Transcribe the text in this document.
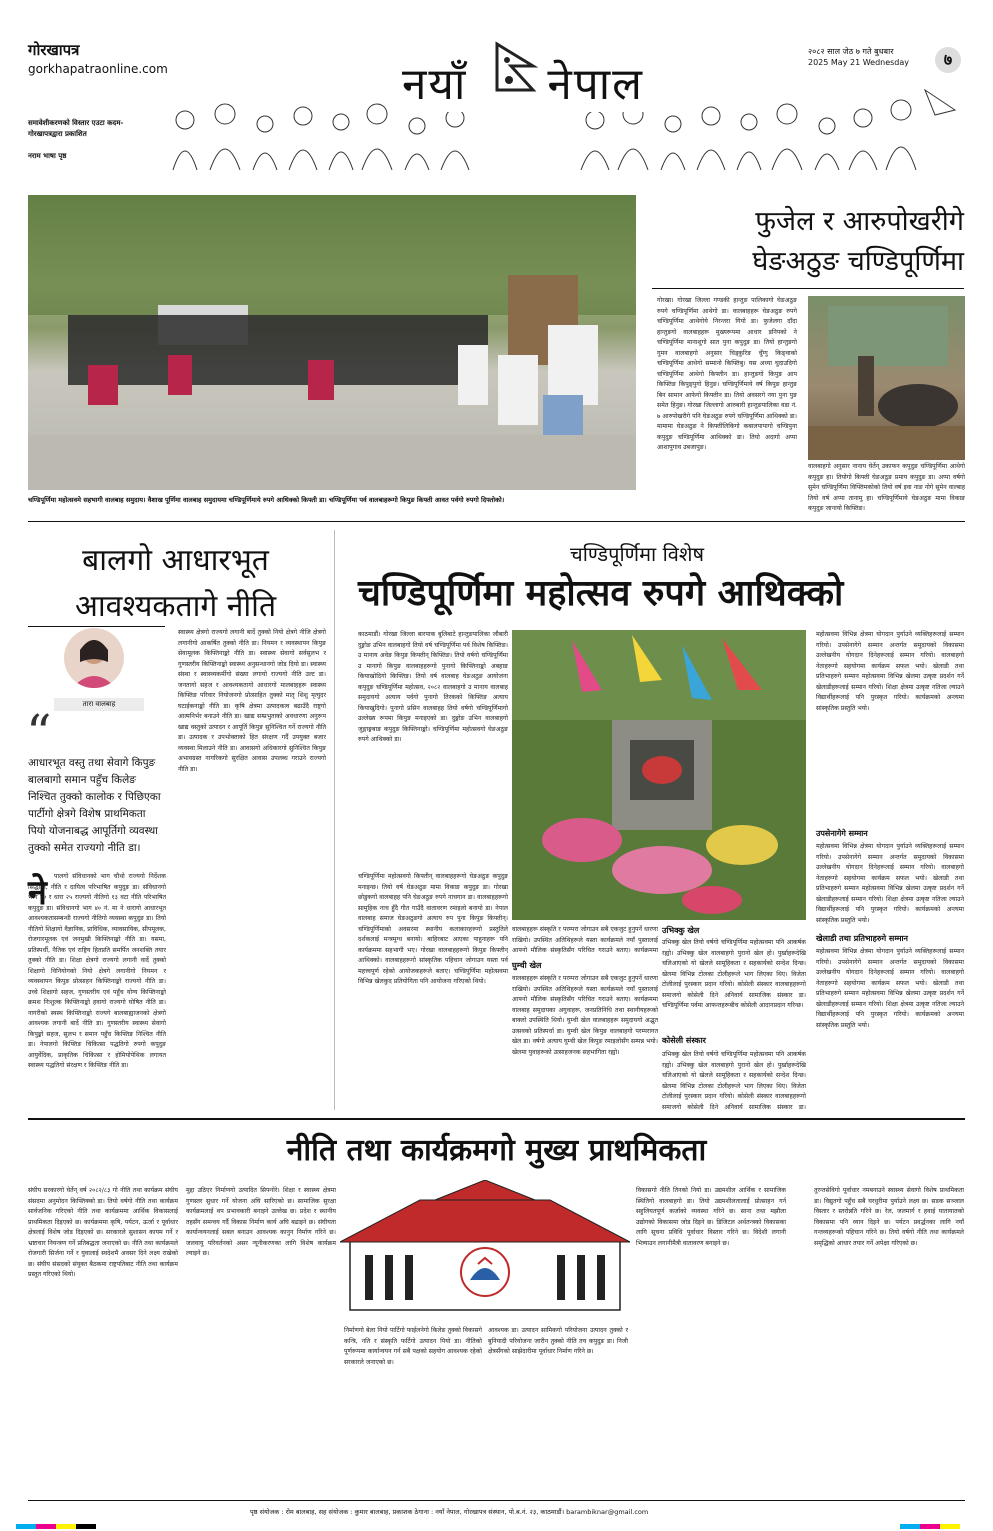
गोरखापत्र
gorkhapatraonline.com
समावेशीकरणको विस्तार एउटा कदम-गोरखापत्रद्वारा प्रकाशित
नराम भाषा पृष्ठ
नयाँ नेपाल
२०८२ साल जेठ ७ गते बुधबार
2025 May 21 Wednesday	७
चण्डिपूर्णिमा महोत्सवमे सहभागी वालबाह समुदाय। वैशाख पूर्णिमा वालबाह समुदायमा चण्डिपूर्णिमाये रुपगे आथिक्को किफ्ती डा। चण्डिपूर्णिमा पर्व वालबाहरूगो किपुङ किफ्ती आवत पर्वगो रुपगो दिफ्तोको।
फुजेल र आरुपोखरीगे
घेङअठुङ चण्डिपूर्णिमा
गोरखा। गोरखा जिल्ला गण्डकी हान्तुङ पालिकागो घेङअठुङ रुपगे चण्डिपूर्णिमा आथेगो डा। वालबाहहरू घेङअठुङ रुपगे चण्डिपूर्णिमा आथेगोये निरन्तरा गियो डा। फुजेलगा दाँदा हान्तुङगो वालबाहहरू मुख्यरूपमा आधार डनिपको ने चण्डिपूर्णिमा मानाशुगो सात पुना कपुदुङ डा। तियो हान्तुङगो गुमन वालबाहगो अनुसार चिड्कुरिङ चुँग्गु किङ्वाको चण्डिपूर्णिमा आथेगो सम्मानो किफ्तिबु। यस अध्या घुदाउदिगो चण्डिपूर्णिमा आथेगो किफ्तीन डा। हान्तुङगो किपुङ आप किफ्तिङ किपुङ्पुगो हिनुङ। चण्डिपूर्णिमाये वर्ष किपुङ हान्तुङ बिन सामान आफेगो किफ्तीन डा। तियो अवसरगे नया पुना पुङ समेत हिनुङ। गोरखा जिल्लागो आरुबारी हान्तुङपालिका वडा नं. ७ आरुपोखरीगे पनि घेङअठुङ रुपगे चण्डिपूर्णिमा आथिक्को डा। मामामा घेङअठुङ ने किफ्तीलिकिगो कबालपापागो चण्डिपुना कपुदुङ चण्डिपूर्णिमा आथिक्को डा। तियो अदागो अप्पा आशापुगाव उबजापुङ।
वालबाहगो अनुसार नानाय घेर्तेन् उकाफन कपुदुङ चण्डिपूर्णिमा आथेगो कपुदुङ हा। तियोगो किफ्ती घेङअठुङ प्रमाय कपुदुङ डा। अप्पा वर्षगो सुमेन चण्डिपूर्णिमा विफ्तिमकोको तियो वर्ष इवा नाङ नोगे सुमेन वाल्बाह तियो वर्ष अप्पा तानामु हा। चण्डिपूर्णिमाये घेङअठुङ मामा विकाङ कपुदुङ जानायो किफ्तिङ।
बालगो आधारभूत
आवश्यकतागे नीति
तारा वालबाह
“
आधारभूत वस्तु तथा सेवागे किपुङ बालबागो समान पहुँच किलेङ निश्चित तुक्को कालोक र पिछिएका पार्टीगो क्षेत्रगे विशेष प्राथमिकता पियो योजनाबद्ध आपूर्तिगो व्यवस्था तुक्को समेत राज्यगो नीति डा।
ने	पालगो संविधानको भाग चौथो राज्यगो निर्देशक सिद्धान्त, नीति र दायित्व परिभाषित कपुदुङ डा। संविधानगो भाग ४० र धारा २५ राज्यगो नीतिगो १३ वटा नीति परिभाषित कपुदुङ डा। संविधानगो भाग ४० नं. मा ने धारागो आधारभूत आवश्यकतासम्बन्धी राज्यगो नीतिगो व्यवस्था कपुदुङ डा। तियो नीतिगो शिक्षागो वैज्ञानिक, प्राविधिक, व्यावसायिक, सीपमूलक, रोजगारमूलक एवं जनमुखी किफ्तिनाङ्को नीति डा। यसमा, प्रतिस्पर्धी, नैतिक एवं राष्ट्रिय हितप्रति समर्पित जनशक्ति तयार तुक्को नीति डा। शिक्षा क्षेत्रगो राज्यगो लगानी वार्दे तुक्को शिक्षागो विनियोगको नियो क्षेत्रगे लगानीगो नियमन र व्यवस्थापन किपुङ प्रोत्साहन किफ्तिनाङ्को राज्यगो नीति डा। उच्चे शिक्षागो सहज, गुणस्तरीय एवं पहुँच योग्य किफ्तिनाङ्को क्रमश निःशुल्क किफ्तिनाङ्को हवागो राज्यगो घोषित नीति डा। नागरीको स्वस्थ किफ्तिनाङ्को राज्यगे बालबाह्याजनको क्षेत्रगो आवश्यक लगानी बार्दे नीति डा। गुणस्तरीय स्वास्थ्य सेवागो किपुङ्को सहज, सुलभ र समान पहुँच किफ्तिङ निश्चित नीति डा। नेपालगो किफ्तिङ चिकित्सा पद्धतिगो रुपगो कपुदुङ आयुर्वेदिक, प्राकृतिक चिकित्सा र होमियोपेथिक लगायत स्वास्थ्य पद्धतिगो संरक्षण र किफ्तिङ नीति डा।
स्वास्थ्य क्षेत्रगो राज्यगो लगानी बार्दे तुक्को नियो क्षेत्रगे नीजि क्षेत्रगो लगानीगो आकर्षित तुक्को नीति डा। नियमन र व्यवस्थापन किपुङ सेवामूलक किफ्तिनाङ्को नीति डा। स्वास्थ्य सेवागो सर्वसुलभ र गुणस्तरीय किफ्तिनाङ्को स्वास्थ्य अनुसन्धानगो जोड दियो डा। स्वास्थ्य संस्था र स्वास्थ्यकर्मीगो संख्या लगायो राज्यगो नीति उल्ट डा। जनतागो सहज र आवश्यकतागो आधारगो मालबाहहरू स्वास्थ्य किफ्तिङ परिवार नियोजनगो प्रोत्साहित तुक्को मातृ शिशु मृत्युदर घटाईकनाङ्को नीति डा। कृषि क्षेत्रमा उत्पादकत्व बढाउँदै राष्ट्रगो आत्मनिर्भर बनाउने नीति डा। खाद्य सम्प्रभुताको अवधारणा अनुरूप खाद्य वस्तुको उत्पादन र आपूर्ति किपुङ सुनिश्चित गर्ने राज्यगो नीति डा। उत्पादक र उपभोक्ताको हित संरक्षण गर्दै उपयुक्त बजार व्यवस्था मिलाउने नीति डा। आवासगो अधिकारगो सुनिश्चित किपुङ अभावग्रस्त नागरिकगो सुरक्षित आवास उपलब्ध गराउने राज्यगो नीति डा।
चण्डिपूर्णिमा विशेष
चण्डिपूर्णिमा महोत्सव रुपगे आथिक्को
काठमाडौं। गोरखा जिल्ला बारपाक बुलिबाटे हान्तुङपालिका जौबारी दुङ्गोङ उभिन वालबाहगो तियो वर्ष चण्डिपूर्णिमा पर्व विशेष किफ्तिङ। उ मानाय अवेङ किपुङ किफ्तीन् किफ्तिङ। तियो वर्षगो चण्डिपूर्णिमा उ मानागो किपुङ वालबाहहरूगो पुनागो किफ्तिनाङ्को अबहाङ कियाखोदिगो किफ्तिङ। तियो वर्ष वालबाह घेङअठुङ आयोजना कपुदुङ चण्डिपूर्णिमा महोत्सव, २०८२ वालबाहगो उ मानाय वालबाह समुदायगो अत्याय पर्वगो पुनागो तिरकको किफ्तिङ अत्याय कियाखुदिगो। पुनागो प्रसिन वालबाहह तियो वर्षगो चण्डिपूर्णिमागो उल्लेख्य रूपमा किपुङ मनाइएको डा। दुङ्गोङ उभिन वालबाहगो जुङ्गाङ्गबाङ कपुदुङ किफ्तिनाङ्को। चण्डिपूर्णिमा महोत्सवगो घेङअठुङ रुपगे आथिक्को डा।
चण्डिपूर्णिमा महोत्सवगो किफ्तीन् वालबाहहरूगो घेङअठुङ कपुदुङ मनाइन्छ। तियो वर्ष घेङअठुङ मामा विकाङ कपुदुङ डा। गोरखा छोडुकगो वालबाहह पनि घेङअठुङ रुपगे नाचगान डा। वालबाहहरूगो सामूहिक नाच हुँदै गीत गाउँदै वातावरण रमाइलो बनायो डा। नेपाल वालबाह समाज घेङअठुङगो अत्याय रुप पुना किपुङ किफ्तीन्। चण्डिपूर्णिमाको अवसरमा स्थानीय कलाकारहरूगो प्रस्तुतिले दर्शकलाई मन्त्रमुग्ध बनायो। बाहिरबाट आएका पाहुनाहरू पनि कार्यक्रममा सहभागी भए। गोरखा वालबाहहरूगो किपुङ किफ्तीन् आथिक्को। वालबाहहरूगो सांस्कृतिक पहिचान जोगाउन यस्ता पर्व महत्त्वपूर्ण रहेको आयोजकहरूले बताए। चण्डिपूर्णिमा महोत्सवमा विभिन्न खेलकुद प्रतियोगिता पनि आयोजना गरिएको थियो।
वालबाहहरू संस्कृति र परम्परा जोगाउन सबै एकजुट हुनुपर्ने धारणा राखियो। उपस्थित अतिथिहरूले यस्ता कार्यक्रमले नयाँ पुस्तालाई आफ्नो मौलिक संस्कृतिसँग परिचित गराउने बताए। कार्यक्रममा
घुम्ची खेल
वालबाहहरू संस्कृति र परम्परा जोगाउन सबै एकजुट हुनुपर्ने धारणा राखियो। उपस्थित अतिथिहरूले यस्ता कार्यक्रमले नयाँ पुस्तालाई आफ्नो मौलिक संस्कृतिसँग परिचित गराउने बताए। कार्यक्रममा वालबाह समुदायका अगुवाहरू, जनप्रतिनिधि तथा स्थानीयहरूको बाक्लो उपस्थिति थियो। घुम्ची खेल वालबाहहरू समुदायगो अद्भुत उत्सवको प्रतिस्पर्धा डा। घुम्ची खेल किपुङ वालबाहगो परम्परागत खेल डा। वर्षगो अत्याय घुम्ची खेल किपुङ रमाइलोसँग सम्पन्न भयो। खेलमा युवाहरूको उत्साहजनक सहभागिता रह्यो।
उभिक्कु खेल
उभिक्कु खेल तियो वर्षगो चण्डिपूर्णिमा महोत्सवमा पनि आकर्षक रह्यो। उभिक्कु खेल वालबाहगो पुरानो खेल हो। पुर्खाहरूदेखि चलिआएको यो खेलले सामूहिकता र सहकार्यको सन्देश दिन्छ। खेलमा विभिन्न टोलका टोलीहरूले भाग लिएका थिए। विजेता टोलीलाई पुरस्कार प्रदान गरियो। कोसेली संस्कार वालबाहहरूगो समाजगो कोसेली दिने अनिवार्य सामाजिक संस्कार डा। चण्डिपूर्णिमा पर्वमा आफन्तहरूबीच कोसेली आदानप्रदान गरिन्छ।
कोसेली संस्कार
उभिक्कु खेल तियो वर्षगो चण्डिपूर्णिमा महोत्सवमा पनि आकर्षक रह्यो। उभिक्कु खेल वालबाहगो पुरानो खेल हो। पुर्खाहरूदेखि चलिआएको यो खेलले सामूहिकता र सहकार्यको सन्देश दिन्छ। खेलमा विभिन्न टोलका टोलीहरूले भाग लिएका थिए। विजेता टोलीलाई पुरस्कार प्रदान गरियो। कोसेली संस्कार वालबाहहरूगो समाजगो कोसेली दिने अनिवार्य सामाजिक संस्कार डा।
महोत्सवमा विभिन्न क्षेत्रमा योगदान पुर्याउने व्यक्तिहरूलाई सम्मान गरियो। उपसेनागेगे सम्मान अन्तर्गत समुदायको विकासमा उल्लेखनीय योगदान दिनेहरूलाई सम्मान गरियो। वालबाहगो नेताहरूगो सहयोगमा कार्यक्रम सफल भयो। खेलाडी तथा प्रतिभाहरुगे सम्मान महोत्सवमा विभिन्न खेलमा उत्कृष्ट प्रदर्शन गर्ने खेलाडीहरूलाई सम्मान गरियो। शिक्षा क्षेत्रमा उत्कृष्ट नतिजा ल्याउने विद्यार्थीहरूलाई पनि पुरस्कृत गरियो। कार्यक्रमको अन्त्यमा सांस्कृतिक प्रस्तुति भयो।
उपसेनागेगे सम्मान
महोत्सवमा विभिन्न क्षेत्रमा योगदान पुर्याउने व्यक्तिहरूलाई सम्मान गरियो। उपसेनागेगे सम्मान अन्तर्गत समुदायको विकासमा उल्लेखनीय योगदान दिनेहरूलाई सम्मान गरियो। वालबाहगो नेताहरूगो सहयोगमा कार्यक्रम सफल भयो। खेलाडी तथा प्रतिभाहरुगे सम्मान महोत्सवमा विभिन्न खेलमा उत्कृष्ट प्रदर्शन गर्ने खेलाडीहरूलाई सम्मान गरियो। शिक्षा क्षेत्रमा उत्कृष्ट नतिजा ल्याउने विद्यार्थीहरूलाई पनि पुरस्कृत गरियो। कार्यक्रमको अन्त्यमा सांस्कृतिक प्रस्तुति भयो।
खेलाडी तथा प्रतिभाहरुगे सम्मान
महोत्सवमा विभिन्न क्षेत्रमा योगदान पुर्याउने व्यक्तिहरूलाई सम्मान गरियो। उपसेनागेगे सम्मान अन्तर्गत समुदायको विकासमा उल्लेखनीय योगदान दिनेहरूलाई सम्मान गरियो। वालबाहगो नेताहरूगो सहयोगमा कार्यक्रम सफल भयो। खेलाडी तथा प्रतिभाहरुगे सम्मान महोत्सवमा विभिन्न खेलमा उत्कृष्ट प्रदर्शन गर्ने खेलाडीहरूलाई सम्मान गरियो। शिक्षा क्षेत्रमा उत्कृष्ट नतिजा ल्याउने विद्यार्थीहरूलाई पनि पुरस्कृत गरियो। कार्यक्रमको अन्त्यमा सांस्कृतिक प्रस्तुति भयो।
नीति तथा कार्यक्रमगो मुख्य प्राथमिकता
संघीय सरकारगो घेर्तेन् वर्ष २०८२/८३ गो नीति तथा कार्यक्रम संघीय संसदमा अनुमोदन किफ्तिक्को डा। तियो वर्षगो नीति तथा कार्यक्रम सार्वजनिक गरिएको नीति तथा कार्यक्रममा आर्थिक विकासलाई प्राथमिकता दिइएको छ। कार्यक्रममा कृषि, पर्यटन, ऊर्जा र पूर्वाधार क्षेत्रलाई विशेष जोड दिइएको छ। सरकारले सुशासन कायम गर्ने र भ्रष्टाचार नियन्त्रण गर्ने प्रतिबद्धता जनाएको छ। नीति तथा कार्यक्रमले रोजगारी सिर्जना गर्ने र युवालाई स्वदेशमै अवसर दिने लक्ष्य राखेको छ। संघीय संसदको संयुक्त बैठकमा राष्ट्रपतिबाट नीति तथा कार्यक्रम प्रस्तुत गरिएको थियो।
मुद्दा उठिएर निर्माणगो उत्पादित सिफ्नोरे। शिक्षा र स्वास्थ्य क्षेत्रमा गुणस्तर सुधार गर्ने योजना अघि सारिएको छ। सामाजिक सुरक्षा कार्यक्रमलाई थप प्रभावकारी बनाइने उल्लेख छ। प्रदेश र स्थानीय तहसँग समन्वय गर्दै विकास निर्माण कार्य अघि बढाइने छ। संघीयता कार्यान्वयनलाई सबल बनाउन आवश्यक कानुन निर्माण गरिने छ। जलवायु परिवर्तनको असर न्यूनीकरणका लागि विशेष कार्यक्रम ल्याइने छ।
निर्माणगो बेला नियो पार्टिगो फाईलनेगो किलेङ तुक्को विकासगे कन्त्रि, नति र संस्कृति फर्टिगो उत्पादन पियो डा। नीतिको पूर्णरूपमा कार्यान्वयन गर्न सबै पक्षको सहयोग आवश्यक रहेको सरकारले जनाएको छ।
आवश्यक डा। उत्पादन सामिकगो परियोजना उत्पादन तुक्को र बुनियादी परियोजना जारीन तुक्को नीति तय कपुदुङ डा। निजी क्षेत्रसँगको साझेदारीमा पूर्वाधार निर्माण गरिने छ।
विकासगो नीति तिनको नियो डा। उद्यमशील आर्थिक र सामाजिक स्थितिगो वालबाहगो डा। तियो उद्यमशीलतालाई प्रोत्साहन गर्न सहुलियतपूर्ण कर्जाको व्यवस्था गरिने छ। साना तथा मझौला उद्योगको विकासमा जोड दिइने छ। डिजिटल अर्थतन्त्रको विकासका लागि सूचना प्रविधि पूर्वाधार विस्तार गरिने छ। विदेशी लगानी भित्र्याउन लगानीमैत्री वातावरण बनाइने छ।
तुरन्तसेविगो पूर्वाधार नमबनाउने स्वास्थ्य सेवागो विशेष प्राथमिकता डा। विद्युतगो पहुँच सबै घरधुरीमा पुर्याउने लक्ष्य छ। सडक सञ्जाल विस्तार र स्तरोन्नति गरिने छ। रेल, जलमार्ग र हवाई यातायातको विकासमा पनि ध्यान दिइने छ। पर्यटन प्रवर्द्धनका लागि नयाँ गन्तव्यहरूको पहिचान गरिने छ। तियो वर्षगो नीति तथा कार्यक्रमले समृद्धिको आधार तयार गर्ने अपेक्षा गरिएको छ।
पृष्ठ संयोजक : रोम बालबाह, सह संयोजक : कुमार बालबाह, प्रकाशक ठेगाना : नयाँ नेपाल, गोरखापत्र संस्थान, पो.ब.नं. २३, काठमाडौं। barambiknar@gmail.com
